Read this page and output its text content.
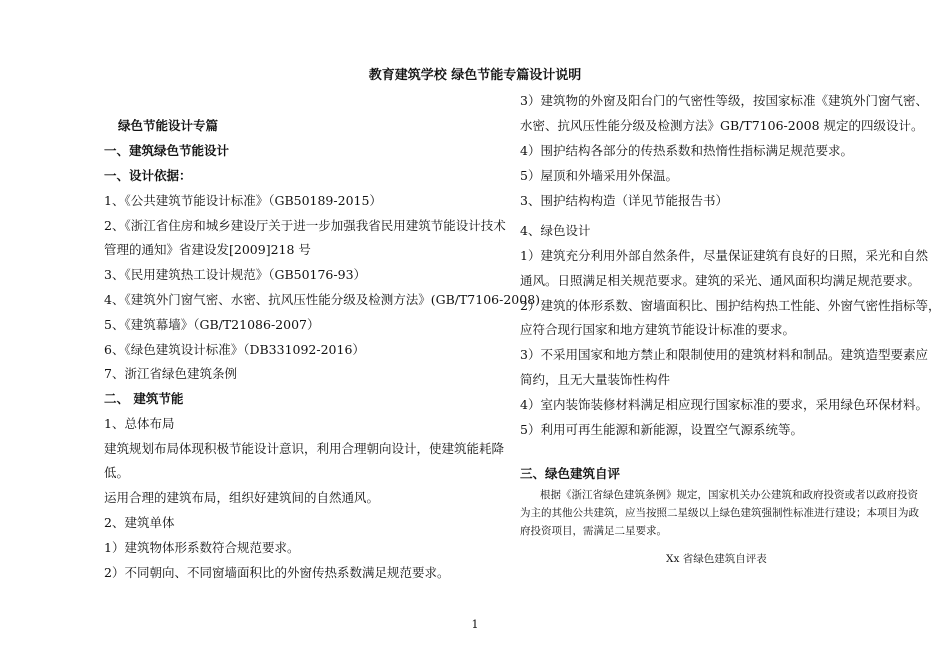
教育建筑学校 绿色节能专篇设计说明
绿色节能设计专篇
一、建筑绿色节能设计
一、设计依据：
1、《公共建筑节能设计标准》（GB50189-2015）
2、《浙江省住房和城乡建设厅关于进一步加强我省民用建筑节能设计技术
管理的通知》省建设发[2009]218 号
3、《民用建筑热工设计规范》（GB50176-93）
4、《建筑外门窗气密、水密、抗风压性能分级及检测方法》(GB/T7106-2008)
5、《建筑幕墙》（GB/T21086-2007）
6、《绿色建筑设计标准》（DB331092-2016）
7、浙江省绿色建筑条例
二、 建筑节能
1、总体布局
建筑规划布局体现积极节能设计意识，利用合理朝向设计，使建筑能耗降
低。
运用合理的建筑布局，组织好建筑间的自然通风。
2、建筑单体
1）建筑物体形系数符合规范要求。
2）不同朝向、不同窗墙面积比的外窗传热系数满足规范要求。
3）建筑物的外窗及阳台门的气密性等级，按国家标准《建筑外门窗气密、
水密、抗风压性能分级及检测方法》GB/T7106-2008 规定的四级设计。
4）围护结构各部分的传热系数和热惰性指标满足规范要求。
5）屋顶和外墙采用外保温。
3、围护结构构造（详见节能报告书）
4、绿色设计
1）建筑充分利用外部自然条件，尽量保证建筑有良好的日照，采光和自然
通风。日照满足相关规范要求。建筑的采光、通风面积均满足规范要求。
2）建筑的体形系数、窗墙面积比、围护结构热工性能、外窗气密性指标等，
应符合现行国家和地方建筑节能设计标准的要求。
3）不采用国家和地方禁止和限制使用的建筑材料和制品。建筑造型要素应
简约，且无大量装饰性构件
4）室内装饰装修材料满足相应现行国家标准的要求，采用绿色环保材料。
5）利用可再生能源和新能源，设置空气源系统等。
三、绿色建筑自评
根据《浙江省绿色建筑条例》规定，国家机关办公建筑和政府投资或者以政府投资
为主的其他公共建筑，应当按照二星级以上绿色建筑强制性标准进行建设；本项目为政
府投资项目，需满足二星要求。
Xx 省绿色建筑自评表
1
